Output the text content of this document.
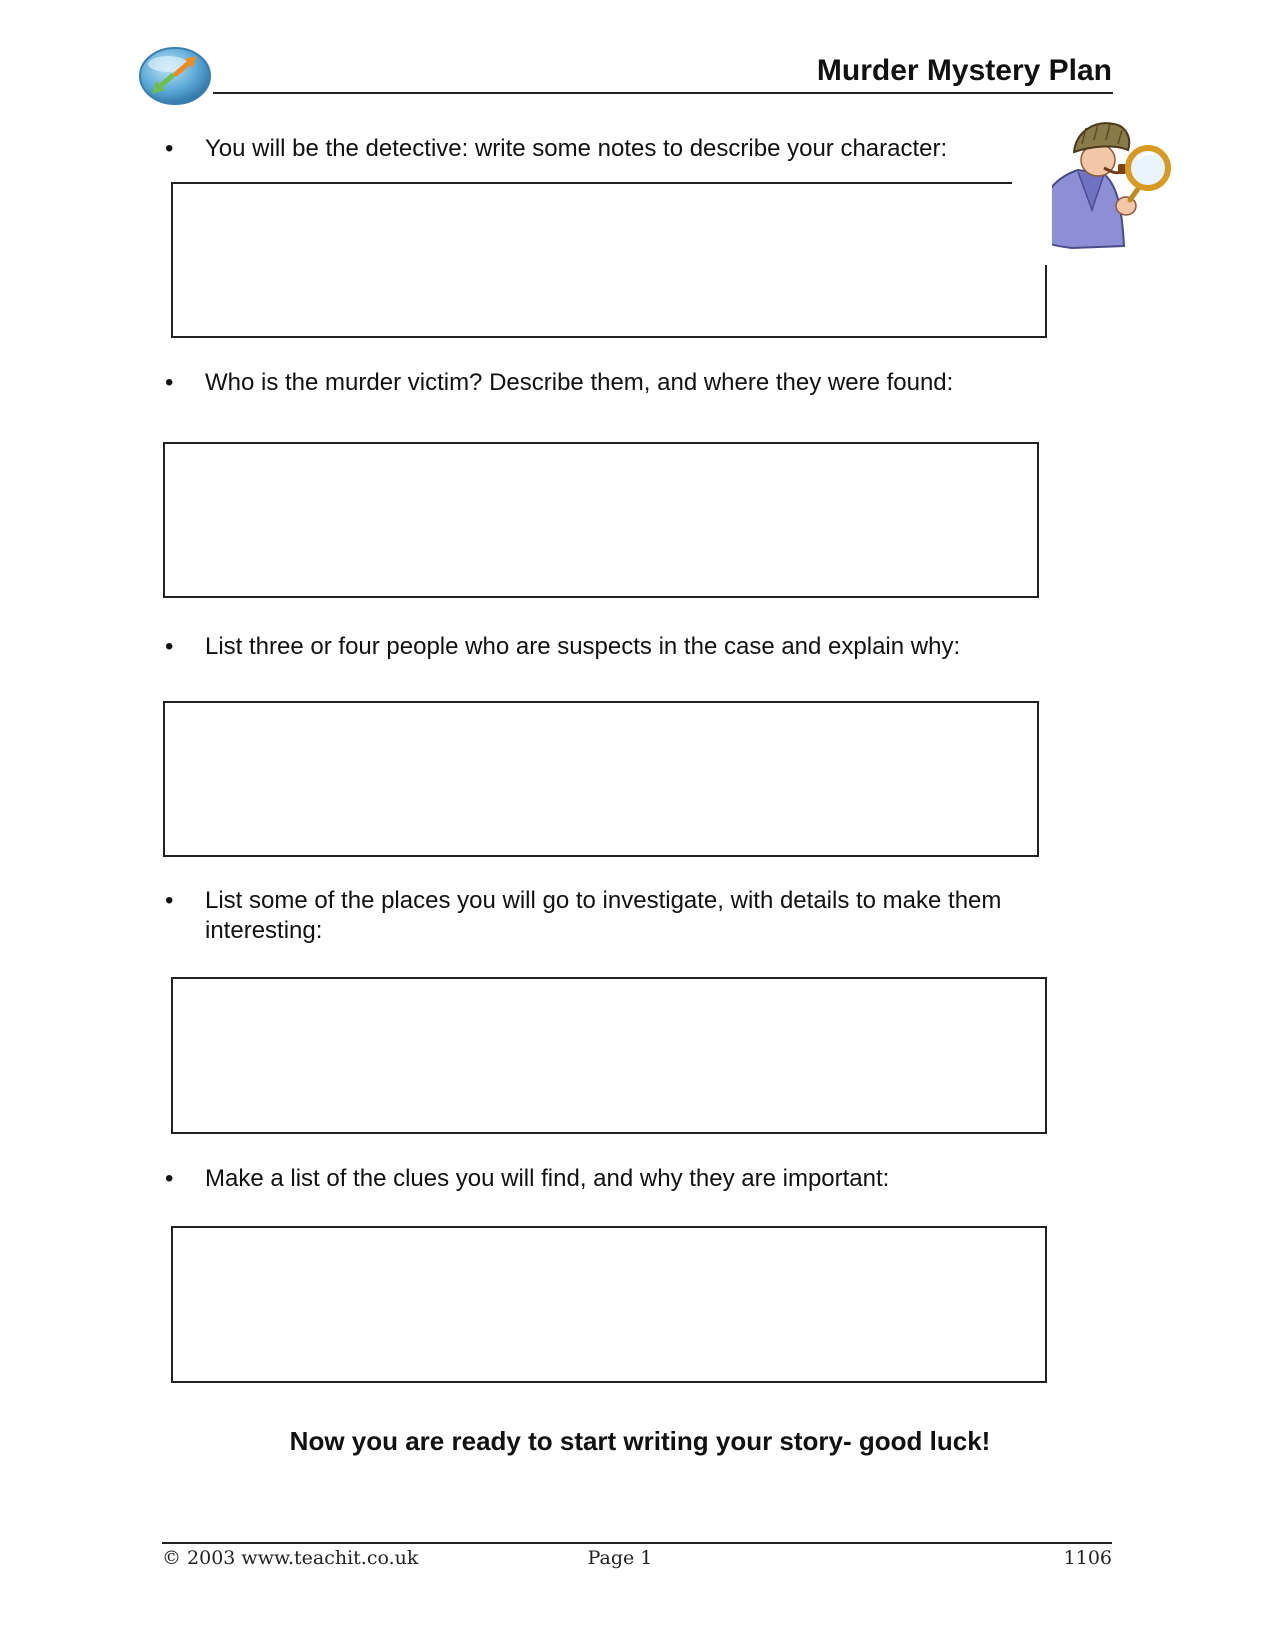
Murder Mystery Plan
• You will be the detective: write some notes to describe your character:
• Who is the murder victim? Describe them, and where they were found:
• List three or four people who are suspects in the case and explain why:
• List some of the places you will go to investigate, with details to make them interesting:
• Make a list of the clues you will find, and why they are important:
Now you are ready to start writing your story- good luck!
© 2003 www.teachit.co.uk	Page 1	1106
